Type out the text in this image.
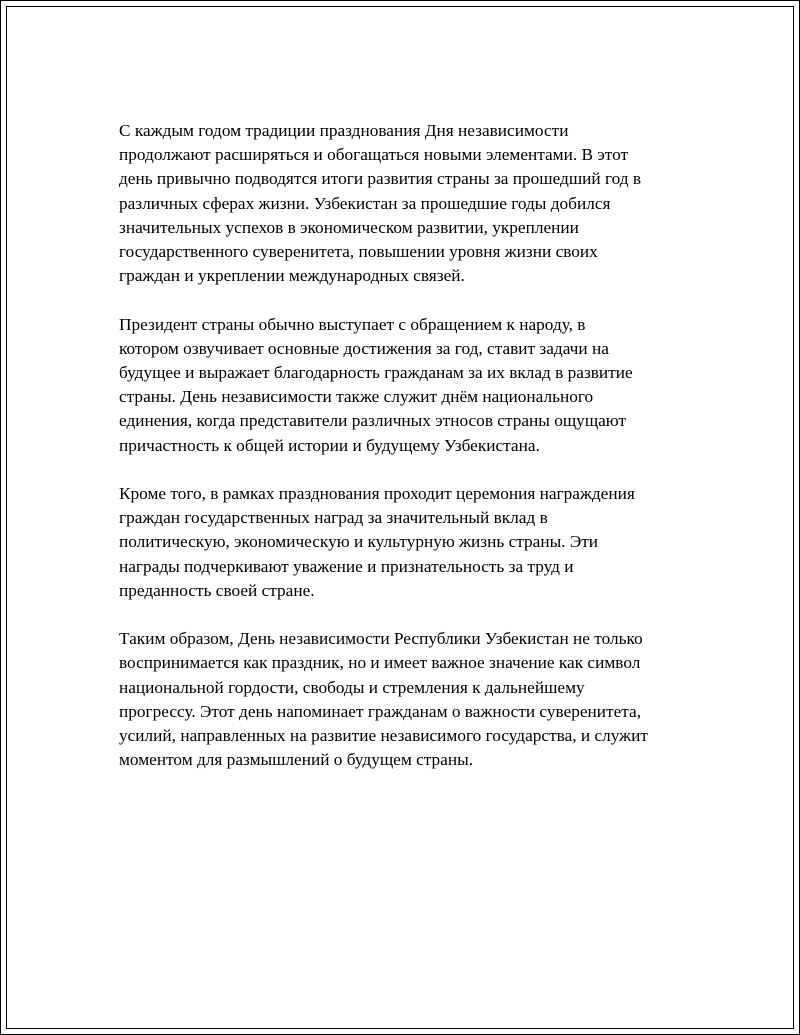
С каждым годом традиции празднования Дня независимости
продолжают расширяться и обогащаться новыми элементами. В этот
день привычно подводятся итоги развития страны за прошедший год в
различных сферах жизни. Узбекистан за прошедшие годы добился
значительных успехов в экономическом развитии, укреплении
государственного суверенитета, повышении уровня жизни своих
граждан и укреплении международных связей.

Президент страны обычно выступает с обращением к народу, в
котором озвучивает основные достижения за год, ставит задачи на
будущее и выражает благодарность гражданам за их вклад в развитие
страны. День независимости также служит днём национального
единения, когда представители различных этносов страны ощущают
причастность к общей истории и будущему Узбекистана.

Кроме того, в рамках празднования проходит церемония награждения
граждан государственных наград за значительный вклад в
политическую, экономическую и культурную жизнь страны. Эти
награды подчеркивают уважение и признательность за труд и
преданность своей стране.

Таким образом, День независимости Республики Узбекистан не только
воспринимается как праздник, но и имеет важное значение как символ
национальной гордости, свободы и стремления к дальнейшему
прогрессу. Этот день напоминает гражданам о важности суверенитета,
усилий, направленных на развитие независимого государства, и служит
моментом для размышлений о будущем страны.
